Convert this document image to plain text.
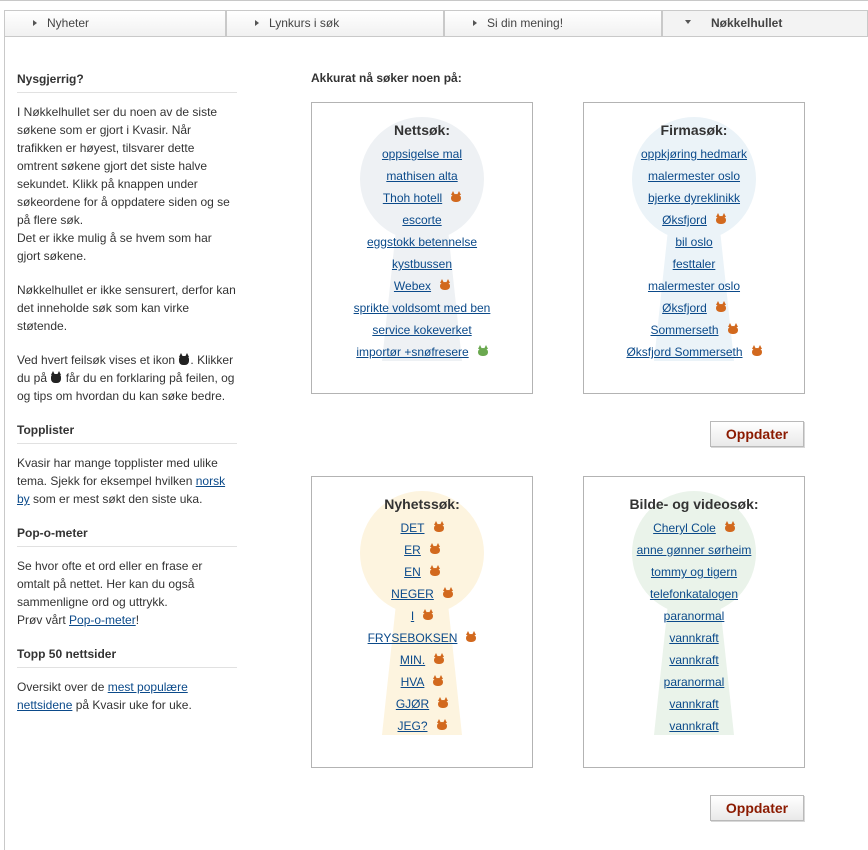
Nyheter	Lynkurs i søk	Si din mening!	Nøkkelhullet
Nysgjerrig?

I Nøkkelhullet ser du noen av de siste søkene som er gjort i Kvasir. Når trafikken er høyest, tilsvarer dette omtrent søkene gjort det siste halve sekundet. Klikk på knappen under søkeordene for å oppdatere siden og se på flere søk.
Det er ikke mulig å se hvem som har gjort søkene.

Nøkkelhullet er ikke sensurert, derfor kan det inneholde søk som kan virke støtende.

Ved hvert feilsøk vises et ikon . Klikker du på  får du en forklaring på feilen, og og tips om hvordan du kan søke bedre.

Topplister

Kvasir har mange topplister med ulike tema. Sjekk for eksempel hvilken norsk by som er mest søkt den siste uka.

Pop-o-meter

Se hvor ofte et ord eller en frase er omtalt på nettet. Her kan du også sammenligne ord og uttrykk.
Prøv vårt Pop-o-meter!

Topp 50 nettsider

Oversikt over de mest populære nettsidene på Kvasir uke for uke.

Akkurat nå søker noen på:
Nettsøk:
oppsigelse mal
mathisen alta
Thoh hotell
escorte
eggstokk betennelse
kystbussen
Webex
sprikte voldsomt med ben
service kokeverket
importør +snøfresere
Firmasøk:
oppkjøring hedmark
malermester oslo
bjerke dyreklinikk
Øksfjord
bil oslo
festtaler
malermester oslo
Øksfjord
Sommerseth
Øksfjord Sommerseth
Oppdater
Nyhetssøk:
DET
ER
EN
NEGER
I
FRYSEBOKSEN
MIN.
HVA
GJØR
JEG?
Bilde- og videosøk:
Cheryl Cole
anne gønner sørheim
tommy og tigern
telefonkatalogen
paranormal
vannkraft
vannkraft
paranormal
vannkraft
vannkraft
Oppdater
